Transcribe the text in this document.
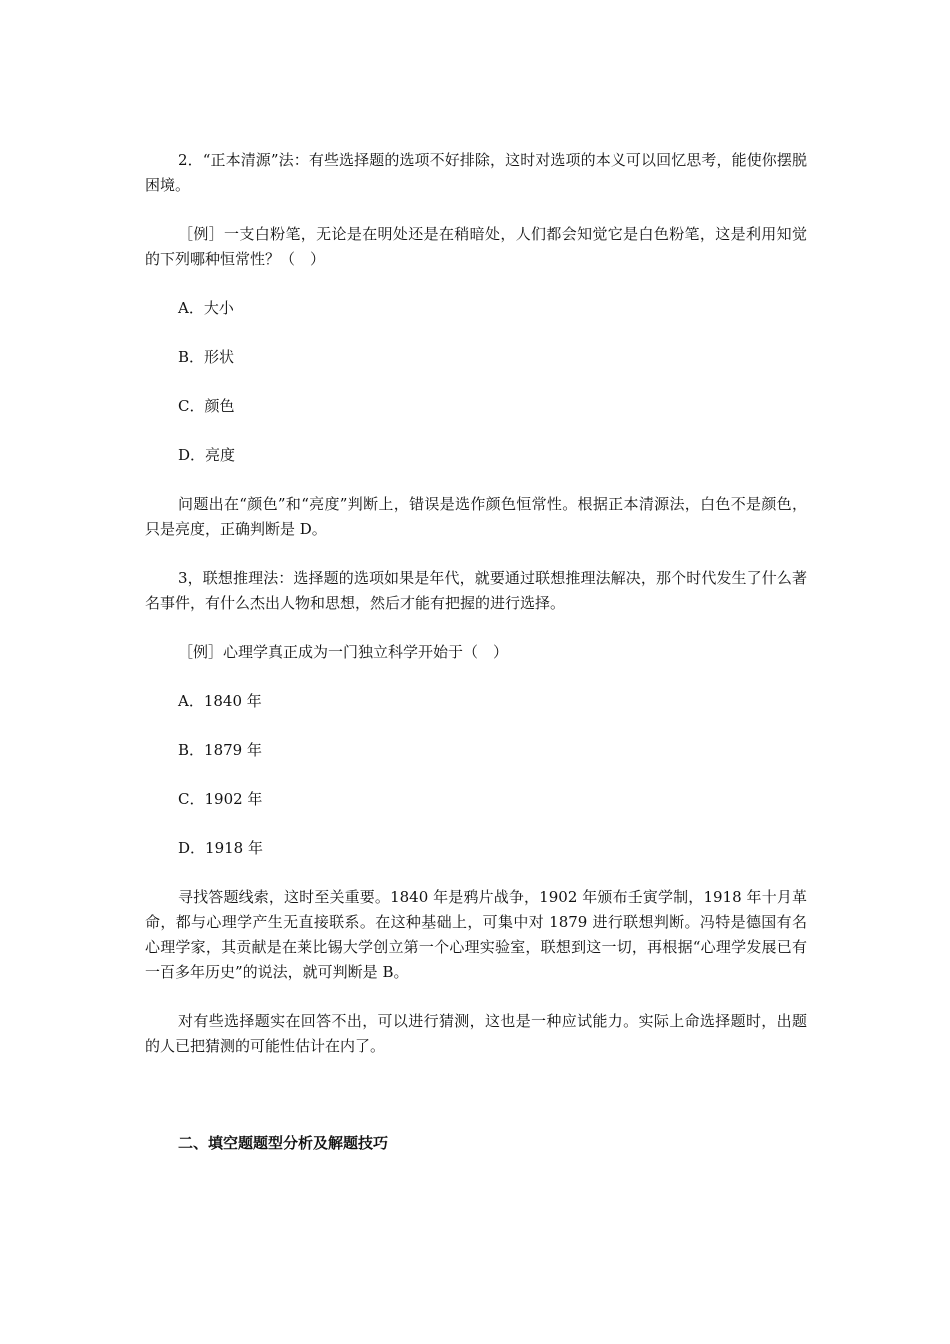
2．“正本清源”法：有些选择题的选项不好排除，这时对选项的本义可以回忆思考，能使你摆脱困境。

［例］一支白粉笔，无论是在明处还是在稍暗处，人们都会知觉它是白色粉笔，这是利用知觉的下列哪种恒常性？（　）

A．大小

B．形状

C．颜色

D．亮度

问题出在“颜色”和“亮度”判断上，错误是选作颜色恒常性。根据正本清源法，白色不是颜色，只是亮度，正确判断是 D。

3，联想推理法：选择题的选项如果是年代，就要通过联想推理法解决，那个时代发生了什么著名事件，有什么杰出人物和思想，然后才能有把握的进行选择。

［例］心理学真正成为一门独立科学开始于（　）

A．1840 年

B．1879 年

C．1902 年

D．1918 年

寻找答题线索，这时至关重要。1840 年是鸦片战争，1902 年颁布壬寅学制，1918 年十月革命，都与心理学产生无直接联系。在这种基础上，可集中对 1879 进行联想判断。冯特是德国有名心理学家，其贡献是在莱比锡大学创立第一个心理实验室，联想到这一切，再根据“心理学发展已有一百多年历史”的说法，就可判断是 B。

对有些选择题实在回答不出，可以进行猜测，这也是一种应试能力。实际上命选择题时，出题的人已把猜测的可能性估计在内了。

二、填空题题型分析及解题技巧
